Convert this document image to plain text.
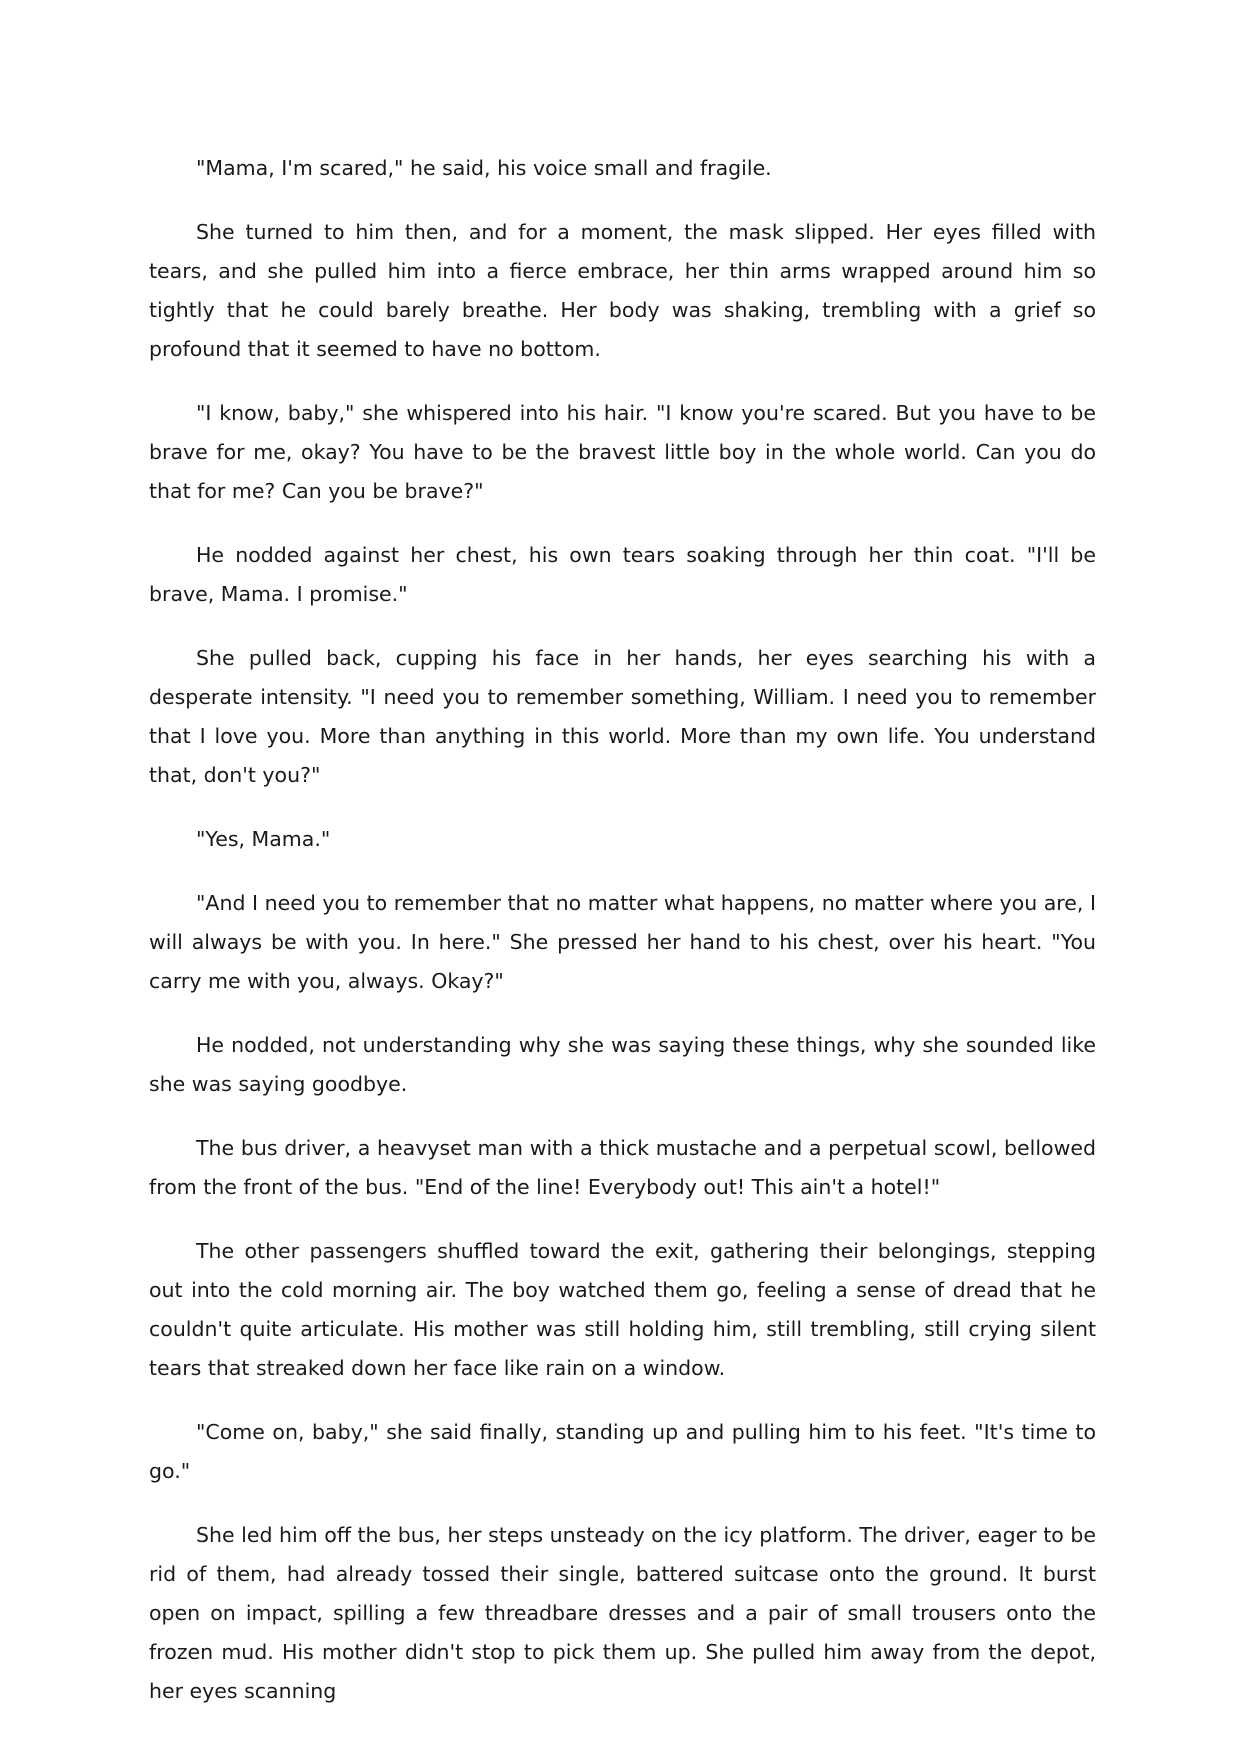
"Mama, I'm scared," he said, his voice small and fragile.

She turned to him then, and for a moment, the mask slipped. Her eyes filled with tears, and she pulled him into a fierce embrace, her thin arms wrapped around him so tightly that he could barely breathe. Her body was shaking, trembling with a grief so profound that it seemed to have no bottom.

"I know, baby," she whispered into his hair. "I know you're scared. But you have to be brave for me, okay? You have to be the bravest little boy in the whole world. Can you do that for me? Can you be brave?"

He nodded against her chest, his own tears soaking through her thin coat. "I'll be brave, Mama. I promise."

She pulled back, cupping his face in her hands, her eyes searching his with a desperate intensity. "I need you to remember something, William. I need you to remember that I love you. More than anything in this world. More than my own life. You understand that, don't you?"

"Yes, Mama."

"And I need you to remember that no matter what happens, no matter where you are, I will always be with you. In here." She pressed her hand to his chest, over his heart. "You carry me with you, always. Okay?"

He nodded, not understanding why she was saying these things, why she sounded like she was saying goodbye.

The bus driver, a heavyset man with a thick mustache and a perpetual scowl, bellowed from the front of the bus. "End of the line! Everybody out! This ain't a hotel!"

The other passengers shuffled toward the exit, gathering their belongings, stepping out into the cold morning air. The boy watched them go, feeling a sense of dread that he couldn't quite articulate. His mother was still holding him, still trembling, still crying silent tears that streaked down her face like rain on a window.

"Come on, baby," she said finally, standing up and pulling him to his feet. "It's time to go."

She led him off the bus, her steps unsteady on the icy platform. The driver, eager to be rid of them, had already tossed their single, battered suitcase onto the ground. It burst open on impact, spilling a few threadbare dresses and a pair of small trousers onto the frozen mud. His mother didn't stop to pick them up. She pulled him away from the depot, her eyes scanning
